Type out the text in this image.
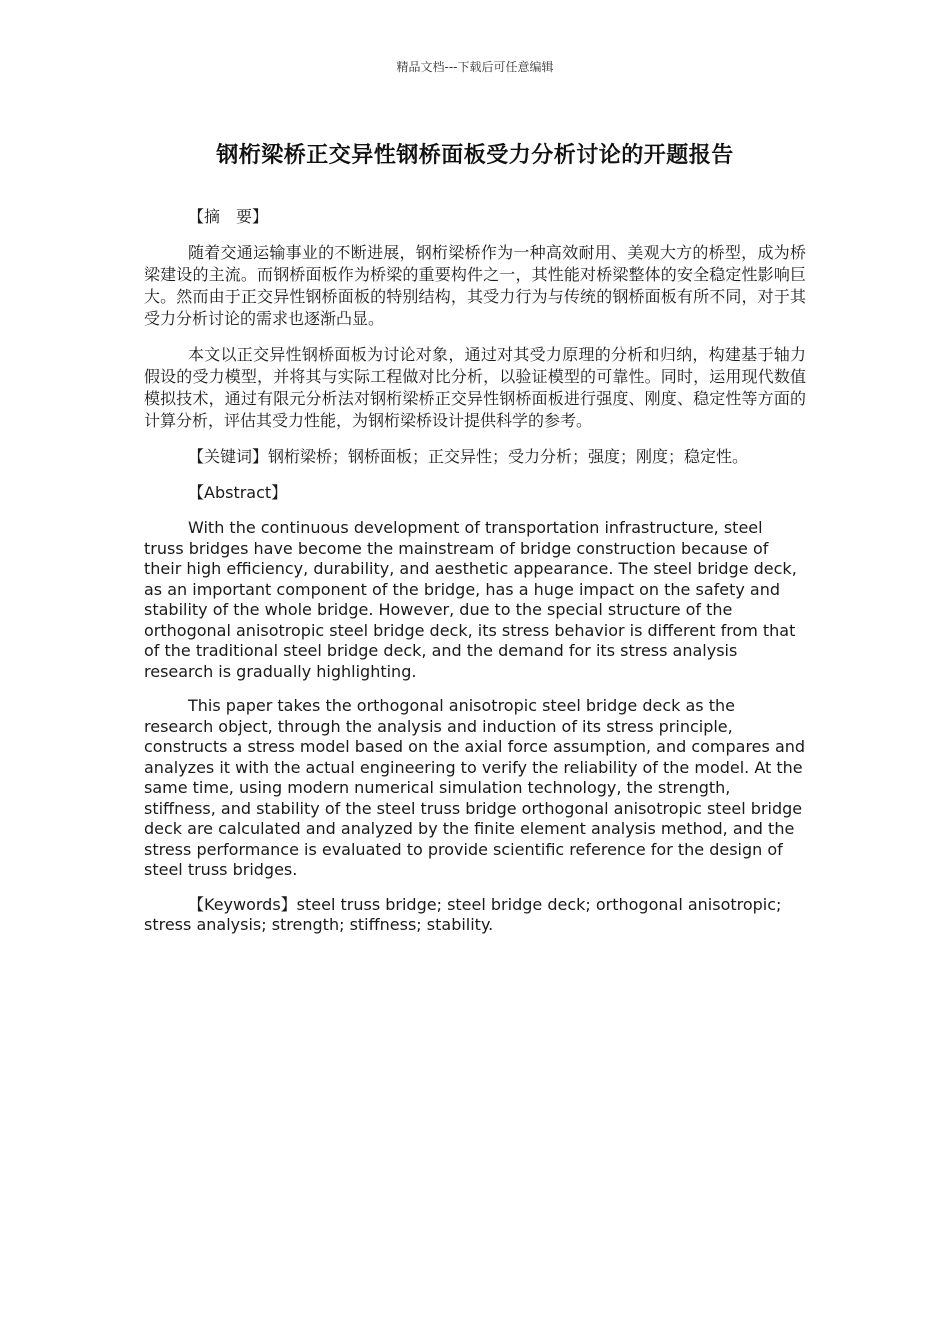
精品文档---下载后可任意编辑
钢桁梁桥正交异性钢桥面板受力分析讨论的开题报告
【摘　要】

随着交通运输事业的不断进展，钢桁梁桥作为一种高效耐用、美观大方的桥型，成为桥梁建设的主流。而钢桥面板作为桥梁的重要构件之一，其性能对桥梁整体的安全稳定性影响巨大。然而由于正交异性钢桥面板的特别结构，其受力行为与传统的钢桥面板有所不同，对于其受力分析讨论的需求也逐渐凸显。

本文以正交异性钢桥面板为讨论对象，通过对其受力原理的分析和归纳，构建基于轴力假设的受力模型，并将其与实际工程做对比分析，以验证模型的可靠性。同时，运用现代数值模拟技术，通过有限元分析法对钢桁梁桥正交异性钢桥面板进行强度、刚度、稳定性等方面的计算分析，评估其受力性能，为钢桁梁桥设计提供科学的参考。

【关键词】钢桁梁桥；钢桥面板；正交异性；受力分析；强度；刚度；稳定性。

【Abstract】

With the continuous development of transportation infrastructure, steel truss bridges have become the mainstream of bridge construction because of their high efficiency, durability, and aesthetic appearance. The steel bridge deck, as an important component of the bridge, has a huge impact on the safety and stability of the whole bridge. However, due to the special structure of the orthogonal anisotropic steel bridge deck, its stress behavior is different from that of the traditional steel bridge deck, and the demand for its stress analysis research is gradually highlighting.

This paper takes the orthogonal anisotropic steel bridge deck as the research object, through the analysis and induction of its stress principle, constructs a stress model based on the axial force assumption, and compares and analyzes it with the actual engineering to verify the reliability of the model. At the same time, using modern numerical simulation technology, the strength, stiffness, and stability of the steel truss bridge orthogonal anisotropic steel bridge deck are calculated and analyzed by the finite element analysis method, and the stress performance is evaluated to provide scientific reference for the design of steel truss bridges.

【Keywords】steel truss bridge; steel bridge deck; orthogonal anisotropic; stress analysis; strength; stiffness; stability.
